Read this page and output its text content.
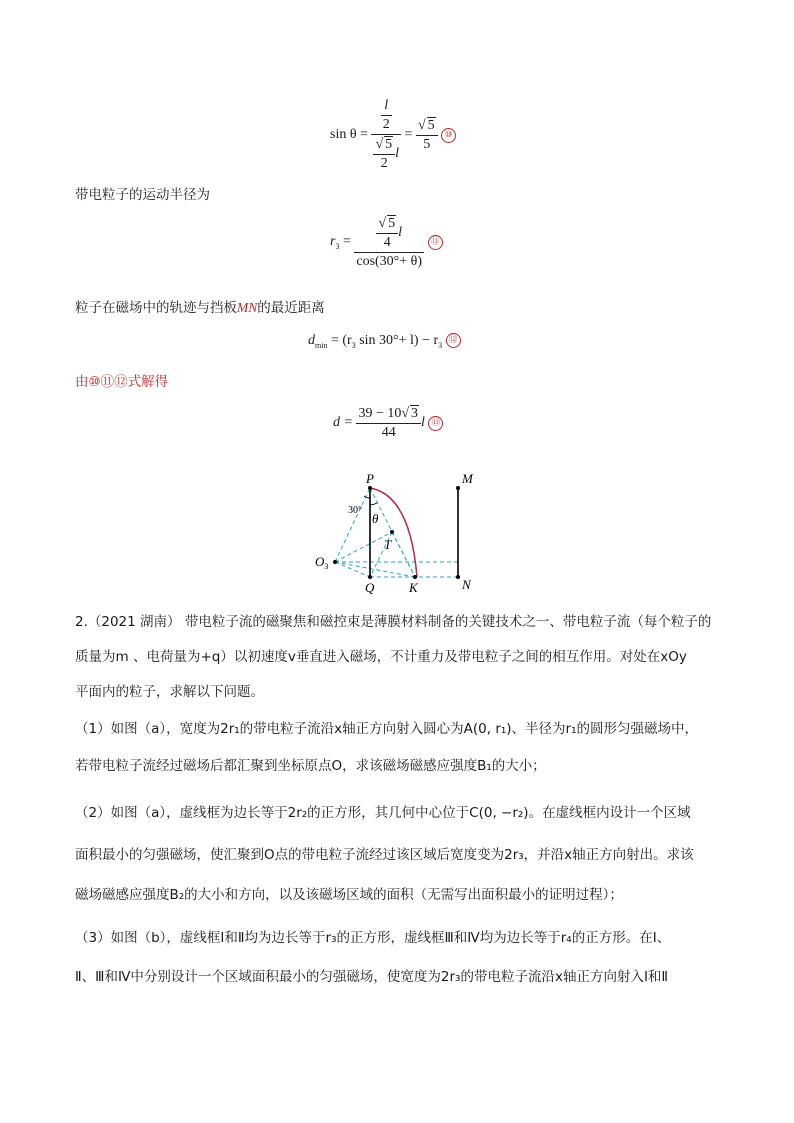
$\sin \theta = \frac{\frac{l}{2}}{\frac{√ 5}{2} l} = \frac{√ 5}{5}$ ⑩
带电粒子的运动半径为
$r_3 = \frac{\frac{√ 5}{4} l}{\cos(30^\circ+ \theta)}$ ⑪
粒子在磁场中的轨迹与挡板MN的最近距离
$d_{min} = (r_3$ $\sin 30^\circ+ l) - r_3$ ⑫
由⑩⑪⑫式解得
$d = \frac{39 - 10√ 3}{44}$ l ⑬
P	M
Q	K	N
T
$O_3$
θ
30°
2.（2021 湖南） 带电粒子流的磁聚焦和磁控束是薄膜材料制备的关键技术之一、带电粒子流（每个粒子的
质量为m 、电荷量为+q）以初速度v垂直进入磁场，不计重力及带电粒子之间的相互作用。对处在xOy
平面内的粒子，求解以下问题。
（1）如图（a），宽度为2r₁的带电粒子流沿x轴正方向射入圆心为A(0, r₁)、半径为r₁的圆形匀强磁场中，
若带电粒子流经过磁场后都汇聚到坐标原点O，求该磁场磁感应强度B₁的大小；
（2）如图（a），虚线框为边长等于2r₂的正方形，其几何中心位于C(0, −r₂)。在虚线框内设计一个区域
面积最小的匀强磁场，使汇聚到O点的带电粒子流经过该区域后宽度变为2r₃，并沿x轴正方向射出。求该
磁场磁感应强度B₂的大小和方向，以及该磁场区域的面积（无需写出面积最小的证明过程）；
（3）如图（b），虚线框Ⅰ和Ⅱ均为边长等于r₃的正方形，虚线框Ⅲ和Ⅳ均为边长等于r₄的正方形。在Ⅰ、
Ⅱ、Ⅲ和Ⅳ中分别设计一个区域面积最小的匀强磁场，使宽度为2r₃的带电粒子流沿x轴正方向射入Ⅰ和Ⅱ
